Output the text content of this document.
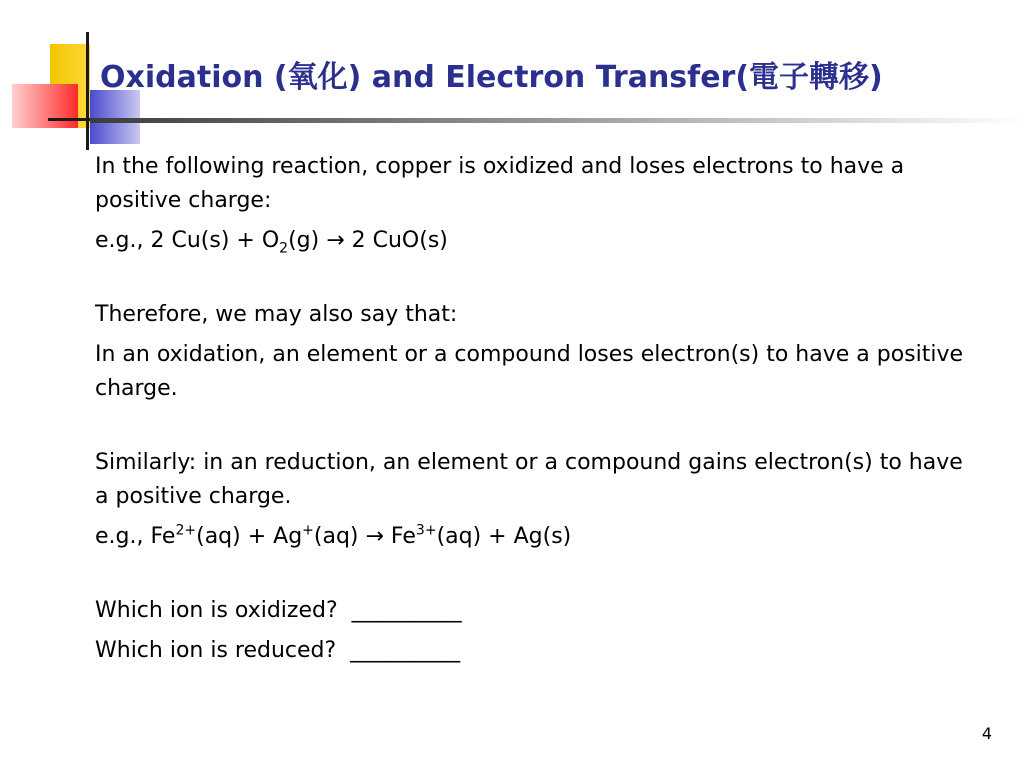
Oxidation (氧化) and Electron Transfer(電子轉移)

In the following reaction, copper is oxidized and loses electrons to have a positive charge:

e.g., 2 $Cu(s) + O_2(g) \to 2$ CuO(s)

Therefore, we may also say that:

In an oxidation, an element or a compound loses electron(s) to have a positive charge.

Similarly: in an reduction, an element or a compound gains electron(s) to have a positive charge.

e.g., $Fe^{2+}(aq) + Ag^+(aq) \to Fe^{3+}(aq) + Ag(s)$

Which ion is oxidized?  __________

Which ion is reduced?  __________

4
